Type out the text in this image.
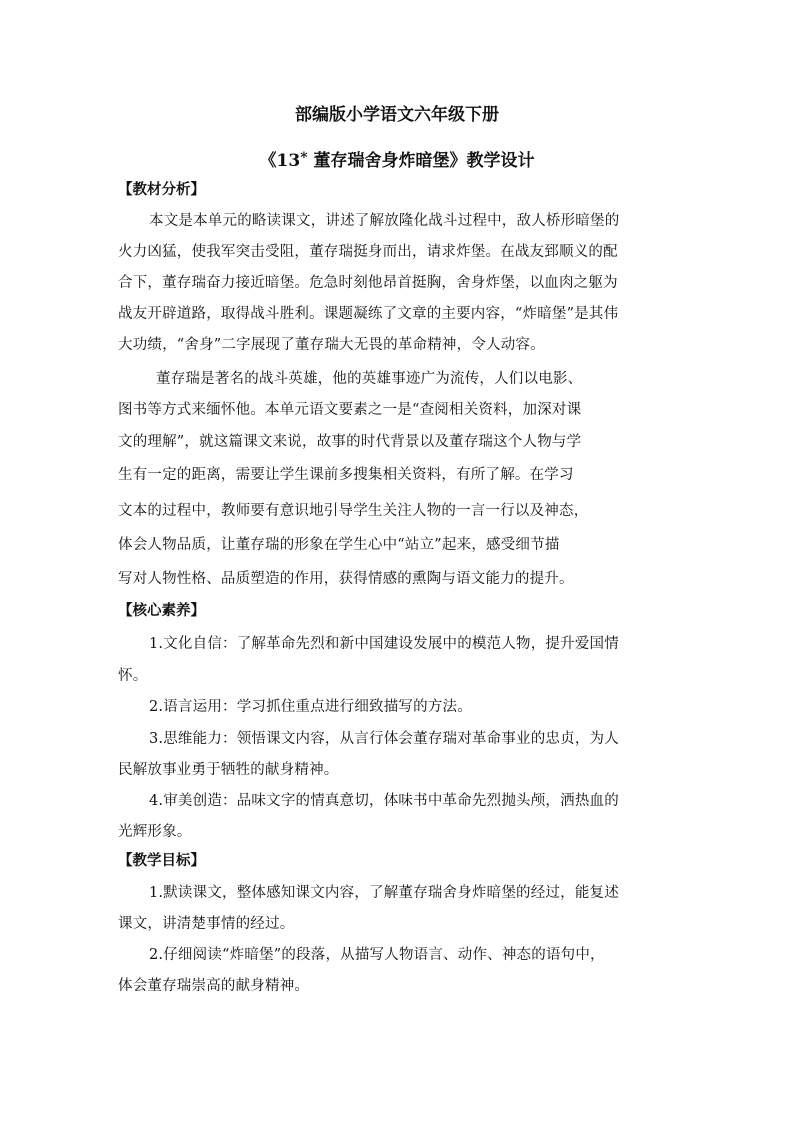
部编版小学语文六年级下册
《13* 董存瑞舍身炸暗堡》教学设计
【教材分析】
本文是本单元的略读课文，讲述了解放隆化战斗过程中，敌人桥形暗堡的
火力凶猛，使我军突击受阻，董存瑞挺身而出，请求炸堡。在战友郅顺义的配
合下，董存瑞奋力接近暗堡。危急时刻他昂首挺胸，舍身炸堡，以血肉之躯为
战友开辟道路，取得战斗胜利。课题凝练了文章的主要内容，“炸暗堡”是其伟
大功绩，“舍身”二字展现了董存瑞大无畏的革命精神，令人动容。
董存瑞是著名的战斗英雄，他的英雄事迹广为流传，人们以电影、
图书等方式来缅怀他。本单元语文要素之一是“查阅相关资料，加深对课
文的理解”，就这篇课文来说，故事的时代背景以及董存瑞这个人物与学
生有一定的距离，需要让学生课前多搜集相关资料，有所了解。在学习
文本的过程中，教师要有意识地引导学生关注人物的一言一行以及神态，
体会人物品质，让董存瑞的形象在学生心中“站立”起来，感受细节描
写对人物性格、品质塑造的作用，获得情感的熏陶与语文能力的提升。
【核心素养】
1.文化自信：了解革命先烈和新中国建设发展中的模范人物，提升爱国情
怀。
2.语言运用：学习抓住重点进行细致描写的方法。
3.思维能力：领悟课文内容，从言行体会董存瑞对革命事业的忠贞，为人
民解放事业勇于牺牲的献身精神。
4.审美创造：品味文字的情真意切，体味书中革命先烈抛头颅，洒热血的
光辉形象。
【教学目标】
1.默读课文，整体感知课文内容，了解董存瑞舍身炸暗堡的经过，能复述
课文，讲清楚事情的经过。
2.仔细阅读“炸暗堡”的段落，从描写人物语言、动作、神态的语句中，
体会董存瑞崇高的献身精神。
